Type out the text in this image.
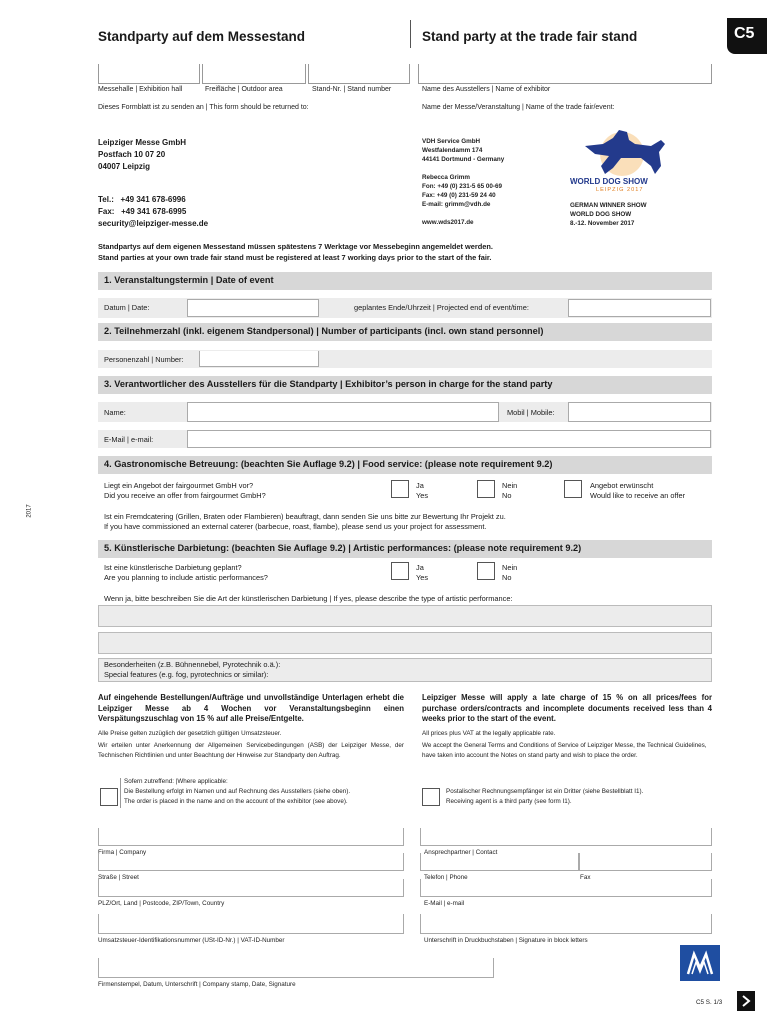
Standparty auf dem Messestand	Stand party at the trade fair stand	C5
Messehalle | Exhibition hall	Freifläche | Outdoor area	Stand-Nr. | Stand number	Name des Ausstellers | Name of exhibitor
Dieses Formblatt ist zu senden an | This form should be returned to:	Name der Messe/Veranstaltung | Name of the trade fair/event:
Leipziger Messe GmbH
Postfach 10 07 20
04007 Leipzig
Tel.:   +49 341 678-6996
Fax:   +49 341 678-6995
security@leipziger-messe.de
VDH Service GmbH
Westfalendamm 174
44141 Dortmund - Germany
Rebecca Grimm
Fon: +49 (0) 231-5 65 00-69
Fax: +49 (0) 231-59 24 40
E-mail: grimm@vdh.de
www.wds2017.de
WORLD DOG SHOW
LEIPZIG 2017
GERMAN WINNER SHOW
WORLD DOG SHOW
8.-12. November 2017
Standpartys auf dem eigenen Messestand müssen spätestens 7 Werktage vor Messebeginn angemeldet werden.
Stand parties at your own trade fair stand must be registered at least 7 working days prior to the start of the fair.
2017
1. Veranstaltungstermin | Date of event
Datum | Date:	geplantes Ende/Uhrzeit | Projected end of event/time:
2. Teilnehmerzahl (inkl. eigenem Standpersonal) | Number of participants (incl. own stand personnel)
Personenzahl | Number:
3. Verantwortlicher des Ausstellers für die Standparty | Exhibitor’s person in charge for the stand party
Name:	Mobil | Mobile:
E-Mail | e-mail:
4. Gastronomische Betreuung: (beachten Sie Auflage 9.2) | Food service: (please note requirement 9.2)
Liegt ein Angebot der fairgourmet GmbH vor?
Did you receive an offer from fairgourmet GmbH?
Ja
Yes
Nein
No
Angebot erwünscht
Would like to receive an offer
Ist ein Fremdcatering (Grillen, Braten oder Flambieren) beauftragt, dann senden Sie uns bitte zur Bewertung Ihr Projekt zu.
If you have commissioned an external caterer (barbecue, roast, flambe), please send us your project for assessment.
5. Künstlerische Darbietung: (beachten Sie Auflage 9.2) | Artistic performances: (please note requirement 9.2)
Ist eine künstlerische Darbietung geplant?
Are you planning to include artistic performances?
Ja
Yes
Nein
No
Wenn ja, bitte beschreiben Sie die Art der künstlerischen Darbietung | If yes, please describe the type of artistic performance:
Besonderheiten (z.B. Bühnennebel, Pyrotechnik o.ä.):
Special features (e.g. fog, pyrotechnics or similar):
Auf eingehende Bestellungen/Aufträge und unvollständige Unterlagen erhebt die Leipziger Messe ab 4 Wochen vor Veranstaltungsbeginn einen Verspätungszuschlag von 15 % auf alle Preise/Entgelte.
Alle Preise gelten zuzüglich der gesetzlich gültigen Umsatzsteuer.
Wir erteilen unter Anerkennung der Allgemeinen Servicebedingungen (ASB) der Leipziger Messe, der Technischen Richtlinien und unter Beachtung der Hinweise zur Standparty den Auftrag.
Leipziger Messe will apply a late charge of 15 % on all prices/fees for purchase orders/contracts and incomplete documents received less than 4 weeks prior to the start of the event.
All prices plus VAT at the legally applicable rate.
We accept the General Terms and Conditions of Service of Leipziger Messe, the Technical Guidelines, have taken into account the Notes on stand party and wish to place the order.
Sofern zutreffend: |Where applicable:
Die Bestellung erfolgt im Namen und auf Rechnung des Ausstellers (siehe oben).
The order is placed in the name and on the account of the exhibitor (see above).
Postalischer Rechnungsempfänger ist ein Dritter (siehe Bestellblatt I1).
Receiving agent is a third party (see form I1).
Firma | Company	Ansprechpartner | Contact
Straße | Street	Telefon | Phone	Fax
PLZ/Ort, Land | Postcode, ZIP/Town, Country	E-Mail | e-mail
Umsatzsteuer-Identifikationsnummer (USt-ID-Nr.) | VAT-ID-Number	Unterschrift in Druckbuchstaben | Signature in block letters
Firmenstempel, Datum, Unterschrift | Company stamp, Date, Signature
C5 S. 1/3
